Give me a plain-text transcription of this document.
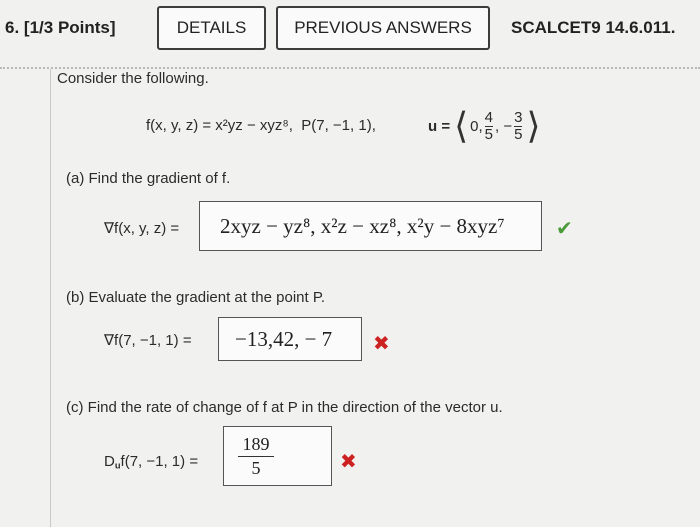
6. [1/3 Points]	DETAILS	PREVIOUS ANSWERS	SCALCET9 14.6.011.
Consider the following.
f(x, y, z) = x²yz − xyz⁸, P(7, −1, 1),	u = ⟨ 0, $\frac{4}{5}$ , − $\frac{3}{5}$ ⟩
(a) Find the gradient of f.
∇f(x, y, z) = 2xyz − yz⁸, x²z − xz⁸, x²y − 8xyz⁷	✔
(b) Evaluate the gradient at the point P.
∇f(7, −1, 1) = −13,42, − 7 ✖
(c) Find the rate of change of f at P in the direction of the vector u.
$D_uf(7$, −1, $1) = \frac{189}{5}$	✖
